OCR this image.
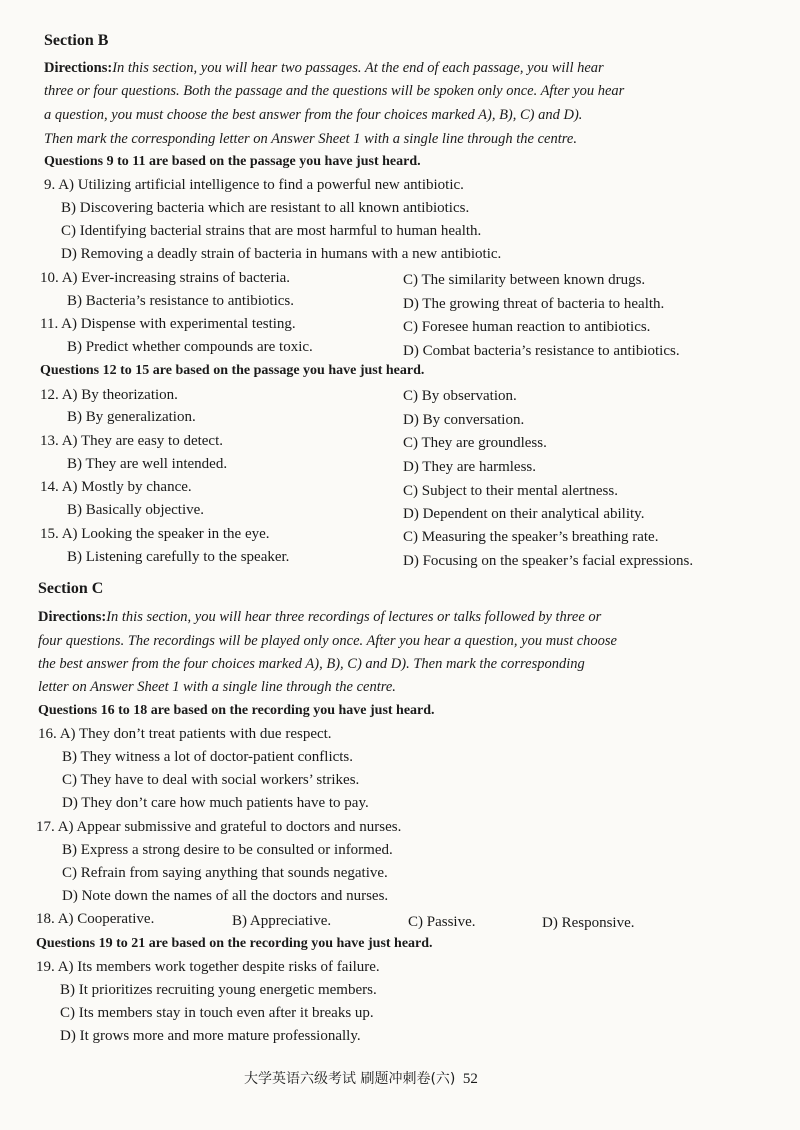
Section B
Directions:In this section, you will hear two passages. At the end of each passage, you will hear
three or four questions. Both the passage and the questions will be spoken only once. After you hear
a question, you must choose the best answer from the four choices marked A), B), C) and D).
Then mark the corresponding letter on Answer Sheet 1 with a single line through the centre.
Questions 9 to 11 are based on the passage you have just heard.
9. A) Utilizing artificial intelligence to find a powerful new antibiotic.
B) Discovering bacteria which are resistant to all known antibiotics.
C) Identifying bacterial strains that are most harmful to human health.
D) Removing a deadly strain of bacteria in humans with a new antibiotic.
10. A) Ever-increasing strains of bacteria.	C) The similarity between known drugs.
B) Bacteria’s resistance to antibiotics.	D) The growing threat of bacteria to health.
11. A) Dispense with experimental testing.	C) Foresee human reaction to antibiotics.
B) Predict whether compounds are toxic.	D) Combat bacteria’s resistance to antibiotics.
Questions 12 to 15 are based on the passage you have just heard.
12. A) By theorization.	C) By observation.
B) By generalization.	D) By conversation.
13. A) They are easy to detect.	C) They are groundless.
B) They are well intended.	D) They are harmless.
14. A) Mostly by chance.	C) Subject to their mental alertness.
B) Basically objective.	D) Dependent on their analytical ability.
15. A) Looking the speaker in the eye.	C) Measuring the speaker’s breathing rate.
B) Listening carefully to the speaker.	D) Focusing on the speaker’s facial expressions.
Section C
Directions:In this section, you will hear three recordings of lectures or talks followed by three or
four questions. The recordings will be played only once. After you hear a question, you must choose
the best answer from the four choices marked A), B), C) and D). Then mark the corresponding
letter on Answer Sheet 1 with a single line through the centre.
Questions 16 to 18 are based on the recording you have just heard.
16. A) They don’t treat patients with due respect.
B) They witness a lot of doctor-patient conflicts.
C) They have to deal with social workers’ strikes.
D) They don’t care how much patients have to pay.
17. A) Appear submissive and grateful to doctors and nurses.
B) Express a strong desire to be consulted or informed.
C) Refrain from saying anything that sounds negative.
D) Note down the names of all the doctors and nurses.
18. A) Cooperative.	B) Appreciative.	C) Passive.	D) Responsive.
Questions 19 to 21 are based on the recording you have just heard.
19. A) Its members work together despite risks of failure.
B) It prioritizes recruiting young energetic members.
C) Its members stay in touch even after it breaks up.
D) It grows more and more mature professionally.
大学英语六级考试 刷题冲刺卷(六) 52
